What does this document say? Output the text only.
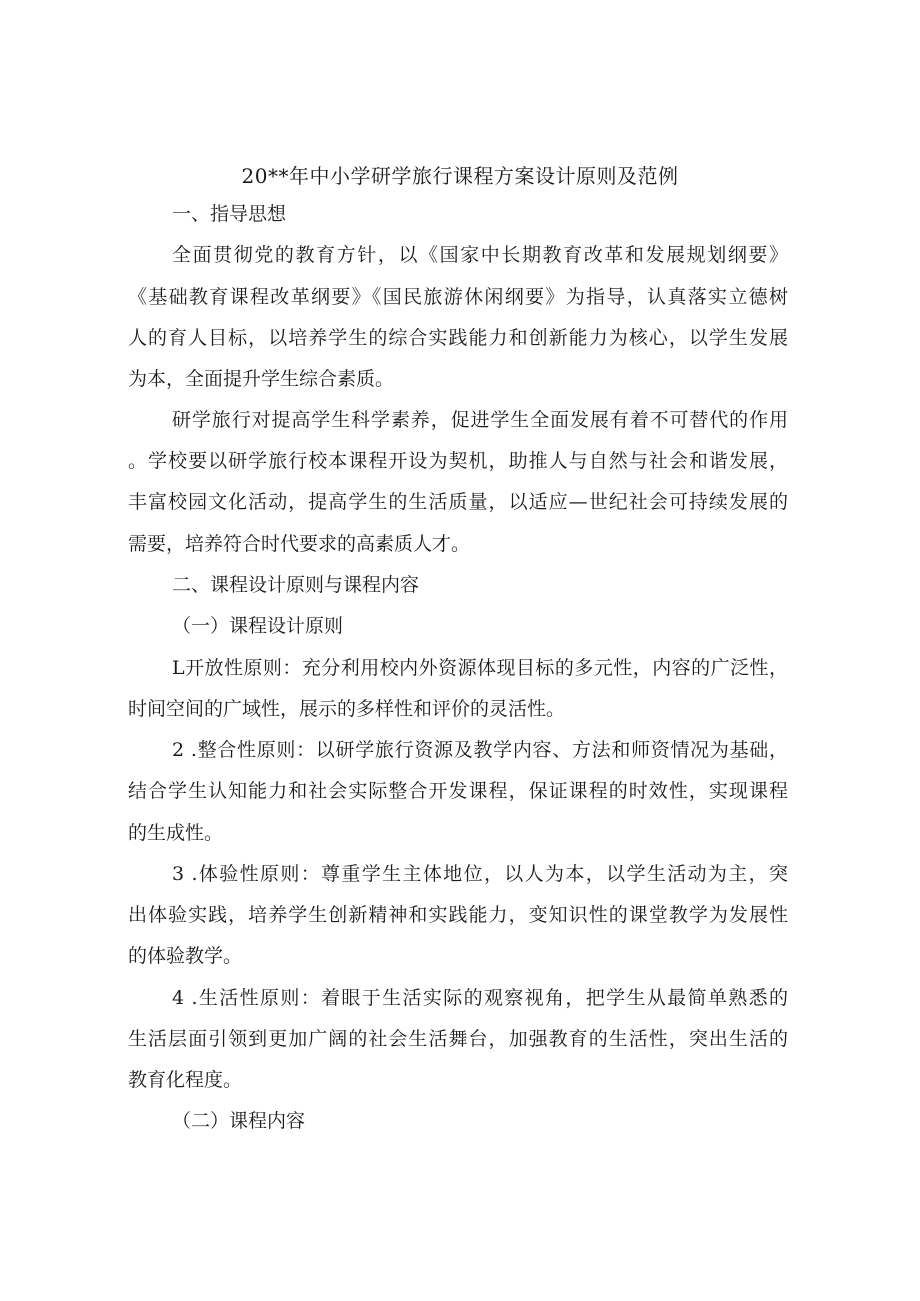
20**年中小学研学旅行课程方案设计原则及范例
一、指导思想
全面贯彻党的教育方针，以《国家中长期教育改革和发展规划纲要》
《基础教育课程改革纲要》《国民旅游休闲纲要》为指导，认真落实立德树
人的育人目标，以培养学生的综合实践能力和创新能力为核心，以学生发展
为本，全面提升学生综合素质。
研学旅行对提高学生科学素养，促进学生全面发展有着不可替代的作用
。学校要以研学旅行校本课程开设为契机，助推人与自然与社会和谐发展，
丰富校园文化活动，提高学生的生活质量，以适应—世纪社会可持续发展的
需要，培养符合时代要求的高素质人才。
二、课程设计原则与课程内容
（一）课程设计原则
L开放性原则：充分利用校内外资源体现目标的多元性，内容的广泛性，
时间空间的广域性，展示的多样性和评价的灵活性。
2 .整合性原则：以研学旅行资源及教学内容、方法和师资情况为基础，
结合学生认知能力和社会实际整合开发课程，保证课程的时效性，实现课程
的生成性。
3 .体验性原则：尊重学生主体地位，以人为本，以学生活动为主，突
出体验实践，培养学生创新精神和实践能力，变知识性的课堂教学为发展性
的体验教学。
4 .生活性原则：着眼于生活实际的观察视角，把学生从最简单熟悉的
生活层面引领到更加广阔的社会生活舞台，加强教育的生活性，突出生活的
教育化程度。
（二）课程内容
